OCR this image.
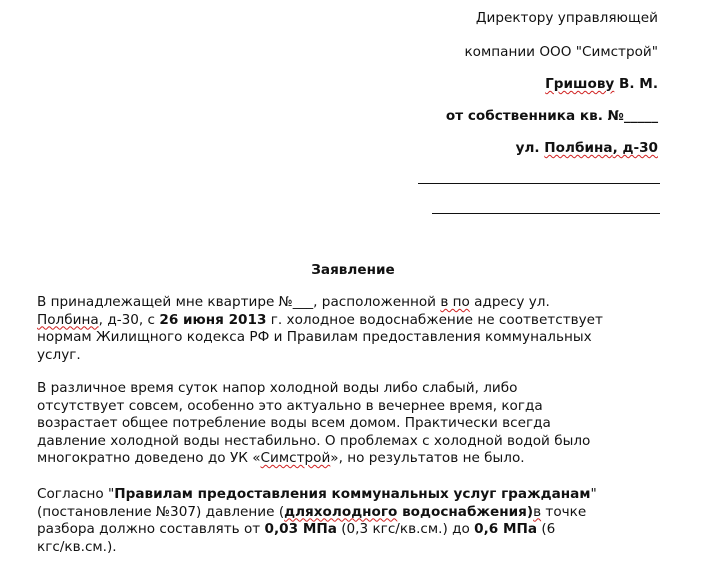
Директору управляющей
компании ООО "Симстрой"
Гришову В. М.
от собственника кв. №_____
ул. Полбина, д-30
Заявление

В принадлежащей мне квартире №___, расположенной в по адресу ул.
Полбина, д-30, с 26 июня 2013 г. холодное водоснабжение не соответствует
нормам Жилищного кодекса РФ и Правилам предоставления коммунальных
услуг.

В различное время суток напор холодной воды либо слабый, либо
отсутствует совсем, особенно это актуально в вечернее время, когда
возрастает общее потребление воды всем домом. Практически всегда
давление холодной воды нестабильно. О проблемах с холодной водой было
многократно доведено до УК «Симстрой», но результатов не было.

Согласно "Правилам предоставления коммунальных услуг гражданам"
(постановление №307) давление (дляхолодного водоснабжения)в точке
разбора должно составлять от 0,03 МПа (0,3 кгс/кв.см.) до 0,6 МПа (6
кгс/кв.см.).
